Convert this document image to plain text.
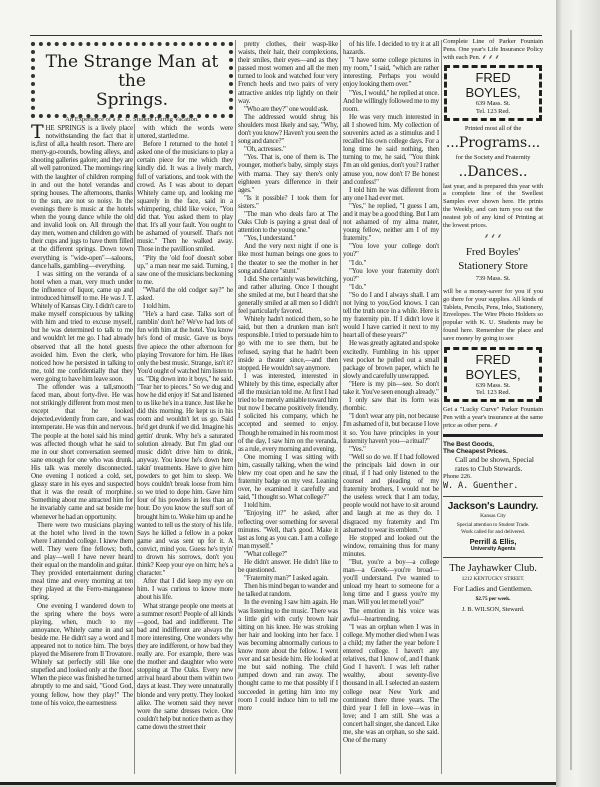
The Strange Man at the
Springs.
An Experience of a K. U. Student During Vacation.

THE SPRINGS is a lively place notwithstanding the fact that it is,first of all,a health resort. There are merry-go-rounds, bowling alleys, and shooting galleries galore; and they are all well patronized. The mornings ring with the laughter of children romping in and out the hotel verandas and spring houses. The afternoons, thanks to the sun, are not so noisy. In the evenings there is music at the hotels when the young dance while the old and invalid look on. All through the day men, women and children go with their cups and jugs to have them filled at the different springs. Down town everything is "wide-open"—saloons, dance halls, gambling—everything.

I was sitting on the veranda of a hotel when a man, very much under the influence of liquor, came up and introduced himself to me. He was J. T. Whitely of Kansas City. I didn't care to make myself conspicuous by talking with him and tried to excuse myself, but he was determined to talk to me and wouldn't let me go. I had already observed that all the hotel guests avoided him. Even the clerk, who noticed how he persisted in talking to me, told me confidentially that they were going to have him leave soon.

The offender was a tall,smooth faced man, about forty-five. He was not strikingly different from most men except that he looked dejected,evidently from care, and was intemperate. He was thin and nervous. The people at the hotel said his mind was affected though what he said to me in our short conversation seemed sane enough for one who was drunk. His talk was merely disconnected. One evening I noticed a cold, set, glassy stare in his eyes and suspected that it was the result of morphine. Something about me attracted him for he invariably came and sat beside me whenever he had an opportunity.

There were two musicians playing at the hotel who lived in the town where I attended college. I knew them well. They were fine fellows; both, and play—well I have never heard their equal on the mandolin and guitar. They provided entertainment during meal time and every morning at ten they played at the Ferro-manganese spring.

One evening I wandered down to the spring where the boys were playing, when, much to my annoyance, Whitely came in and sat beside me. He didn't say a word and I appeared not to notice him. The boys played the Miserere from Il Trovatore. Whitely sat perfectly still like one stupefied and looked only at the floor. When the piece was finished he turned abruptly to me and said, "Good God, young fellow, how they play!" The tone of his voice, the earnestness

with which the words were uttered, startled me.

Before I returned to the hotel I asked one of the musicians to play a certain piece for me which they kindly did. It was a lively march, full of variations, and took with the crowd. As I was about to depart Whitely came up, and looking me squarely in the face, said in a whimpering, child like voice, "You did that. You asked them to play that. It's all your fault. You ought to be ashamed of yourself. That's not music." Then he walked away. Those in the pavillion smiled.

"Pity the 'old fool' doesn't sober up," a man near me said. Turning, I saw one of the musicians beckoning to me.

"What'd the old codger say?" he asked.

I told him.

"He's a hard case. Talks sort of ramblin' don't he? We've had lots of fun with him at the hotel. You know he's fond of music. Gave us boys five apiece the other afternoon for playing Trovatore for him. He likes only the best music. Strange, isn't it? You'd ought of watched him listen to us. "Dig down into it boys," he said. "Tear her to pieces." So we dug and how he did enjoy it! Sat and listened to us like he's in a trance. Just like he did this morning. He kept us in his room and wouldn't let us go. Said he'd get drunk if we did. Imagine his gettin' drunk. Why he's a saturated solution already. But I'm glad our music didn't drive him to drink, anyway. You know he's down here takin' treatments. Have to give him powders to get him to sleep. We boys couldn't break loose from him so we tried to dope him. Gave him four of his powders in less than an hour. Do you know the stuff sort of brought him to. Woke him up and he wanted to tell us the story of his life. Says he killed a fellow in a poker game and was sent up for it. A convict, mind you. Guess he's tryin' to drown his sorrows, don't you think? Keep your eye on him; he's a character."

After that I did keep my eye on him. I was curious to know more about his life.

What strange people one meets at a summer resort! People of all kinds—good, bad and indifferent. The bad and indifferent are always the more interesting. One wonders why they are indifferent, or how bad they really are. For example, there was the mother and daughter who were stopping at The Oaks. Every new arrival heard about them within two days at least. They were unnaturally blonde and very pretty. They looked alike. The women said they never wore the same dresses twice. One couldn't help but notice them as they came down the street their

pretty clothes, their wasp-like waists, their hair, their complexions, their smiles, their eyes—and as they passed most women and all the men turned to look and watched four very French heels and two pairs of very attractive ankles trip lightly on their way.

"Who are they?" one would ask.

The addressed would shrug his shoulders most likely and say, "Why, don't you know? Haven't you seen the song and dance?"

"Oh, actresses."

"Yes. That is, one of them is. The younger, mother's baby, simply stays with mama. They say there's only eighteen years difference in their ages."

"Is it possible? I took them for sisters."

"The man who deals faro at The Oaks Club is paying a great deal of attention to the young one."

"Yes, I understand."

And the very next night if one is like most human beings one goes to the theater to see the mother in her song and dance "stunt."

I did. She certainly was bewitching, and rather alluring. Once I thought she smiled at me, but I heard that she generally smiled at all men so I didn't feel particularly favored.

Whitely hadn't noticed them, so he said, but then a drunken man isn't responsible. I tried to persuade him to go with me to see them, but he refused, saying that he hadn't been inside a theater since,—and then stopped. He wouldn't say anymore.

I was interested, interested in Whitely by this time, especially after all the musician told me. At first I had tried to be merely amiable toward him but now I became positively friendly. I solicited his company, which he accepted and seemed to enjoy. Though he remained in his room most of the day, I saw him on the veranda, as a rule, every morning and evening.

One morning I was sitting with him, casually talking, when the wind blew my coat open and he saw the fraternity badge on my vest. Leaning over, he examined it carefully and said, "I thought so. What college?"

I told him.

"Enjoying it?" he asked, after reflecting over something for several minutes. "Well, that's good. Make it last as long as you can. I am a college man myself."

"What college?"

He didn't answer. He didn't like to be questioned.

"Fraternity man?" I asked again.

Then his mind began to wander and he talked at random.

In the evening I saw him again. He was listening to the music. There was a little girl with curly brown hair sitting on his knee. He was stroking her hair and looking into her face. I was becoming abnormally curious to know more about the fellow. I went over and sat beside him. He looked at me but said nothing. The child jumped down and ran away. The thought came to me that possibly if I succeeded in getting him into my room I could induce him to tell me more

of his life. I decided to try it at all hazards.

"I have some college pictures in my room," I said, "which are rather interesting. Perhaps you would enjoy looking them over."

"Yes, I would," he replied at once. And he willingly followed me to my room.

He was very much interested in all I showed him. My collection of souvenirs acted as a stimulus and I recalled his own college days. For a long time he said nothing, then turning to me, he said, "You think I'm an old genius, don't you? I rather amuse you, now don't I? Be honest and confess!"

I told him he was different from any one I had ever met.

"Yes," he replied, "I guess I am, and it may be a good thing. But I am not ashamed of my alma mater, young fellow, neither am I of my fraternity."

"You love your college don't you?"

"I do."

"You love your fraternity don't you?"

"I do."

"So do I and I always shall. I am not lying to you,God knows. I can tell the truth once in a while. Here is my fraternity pin. If I didn't love it would I have carried it next to my heart all of these years?"

He was greatly agitated and spoke excitedly. Fumbling in his upper vest pocket he pulled out a small package of brown paper, which he slowly and carefully unwrapped.

"Here is my pin—see. So don't take it. You've seen enough already."

I only saw that its form was rhombic.

"I don't wear any pin, not because I'm ashamed of it, but because I love it so. You have principles in your fraternity haven't you—a ritual?"

"Yes."

"Well so do we. If I had followed the principals laid down in our ritual, if I had only listened to the counsel and pleading of my fraternity brothers, I would not be the useless wreck that I am today, people would not have to sit around and laugh at me as they do. I disgraced my fraternity and I'm ashamed to wear its emblem."

He stopped and looked out the window, remaining thus for many minutes.

"But, you're a boy—a college man—a Greek—you're broad—you'll understand. I've wanted to unload my heart to someone for a long time and I guess you're my man. Will you let me tell you?"

The emotion in his voice was awful—heartrending.

"I was an orphan when I was in college. My mother died when I was a child; my father the year before I entered college. I haven't any relatives, that I know of, and I thank God I haven't. I was left rather wealthy, about seventy-five thousand in all. I selected an eastern college near New York and continued there three years. The third year I fell in love—was in love; and I am still. She was a concert hall singer, she danced. Like me, she was an orphan, so she said. One of the many

Complete Line of Parker Fountain Pens. One year's Life Insurance Policy with each Pen. ⸙ ⸙ ⸙
FRED BOYLES,
639 Mass. St.
Tel. 123 Red.
Printed most all of the
...Programs...
for the Society and Fraternity
..Dances..
last year, and is prepared this year with a complete line of the Swellest Samples ever shown here. He prints the Weekly, and can turn you out the neatest job of any kind of Printing at the lowest prices.
⸙ ⸙ ⸙
Fred Boyles'
Stationery Store
739 Mass. St.
will be a money-saver for you if you go there for your supplies. All kinds of Tablets, Pencils, Pens, Inks, Stationery, Envelopes. The Wire Photo Holders so popular with K. U. Students may be found here. Remember the place and save money by going to see
FRED BOYLES,
639 Mass. St.
Tel. 123 Red.
Get a "Lucky Curve" Parker Fountain Pen with a year's insurance at the same price as other pens. ⸙
The Best Goods,
The Cheapest Prices.
Call and be shown, Special rates to Club Stewards.
Phone 226.
W. A. Guenther.
Jackson's Laundry.
Kansas City
Special attention to Student Trade.
Work called for and delivered.
Perrill & Ellis,
University Agents
The Jayhawker Club.
1212 KENTUCKY STREET.
For Ladies and Gentlemen.
$2.75 per week.
J. B. WILSON, Steward.
